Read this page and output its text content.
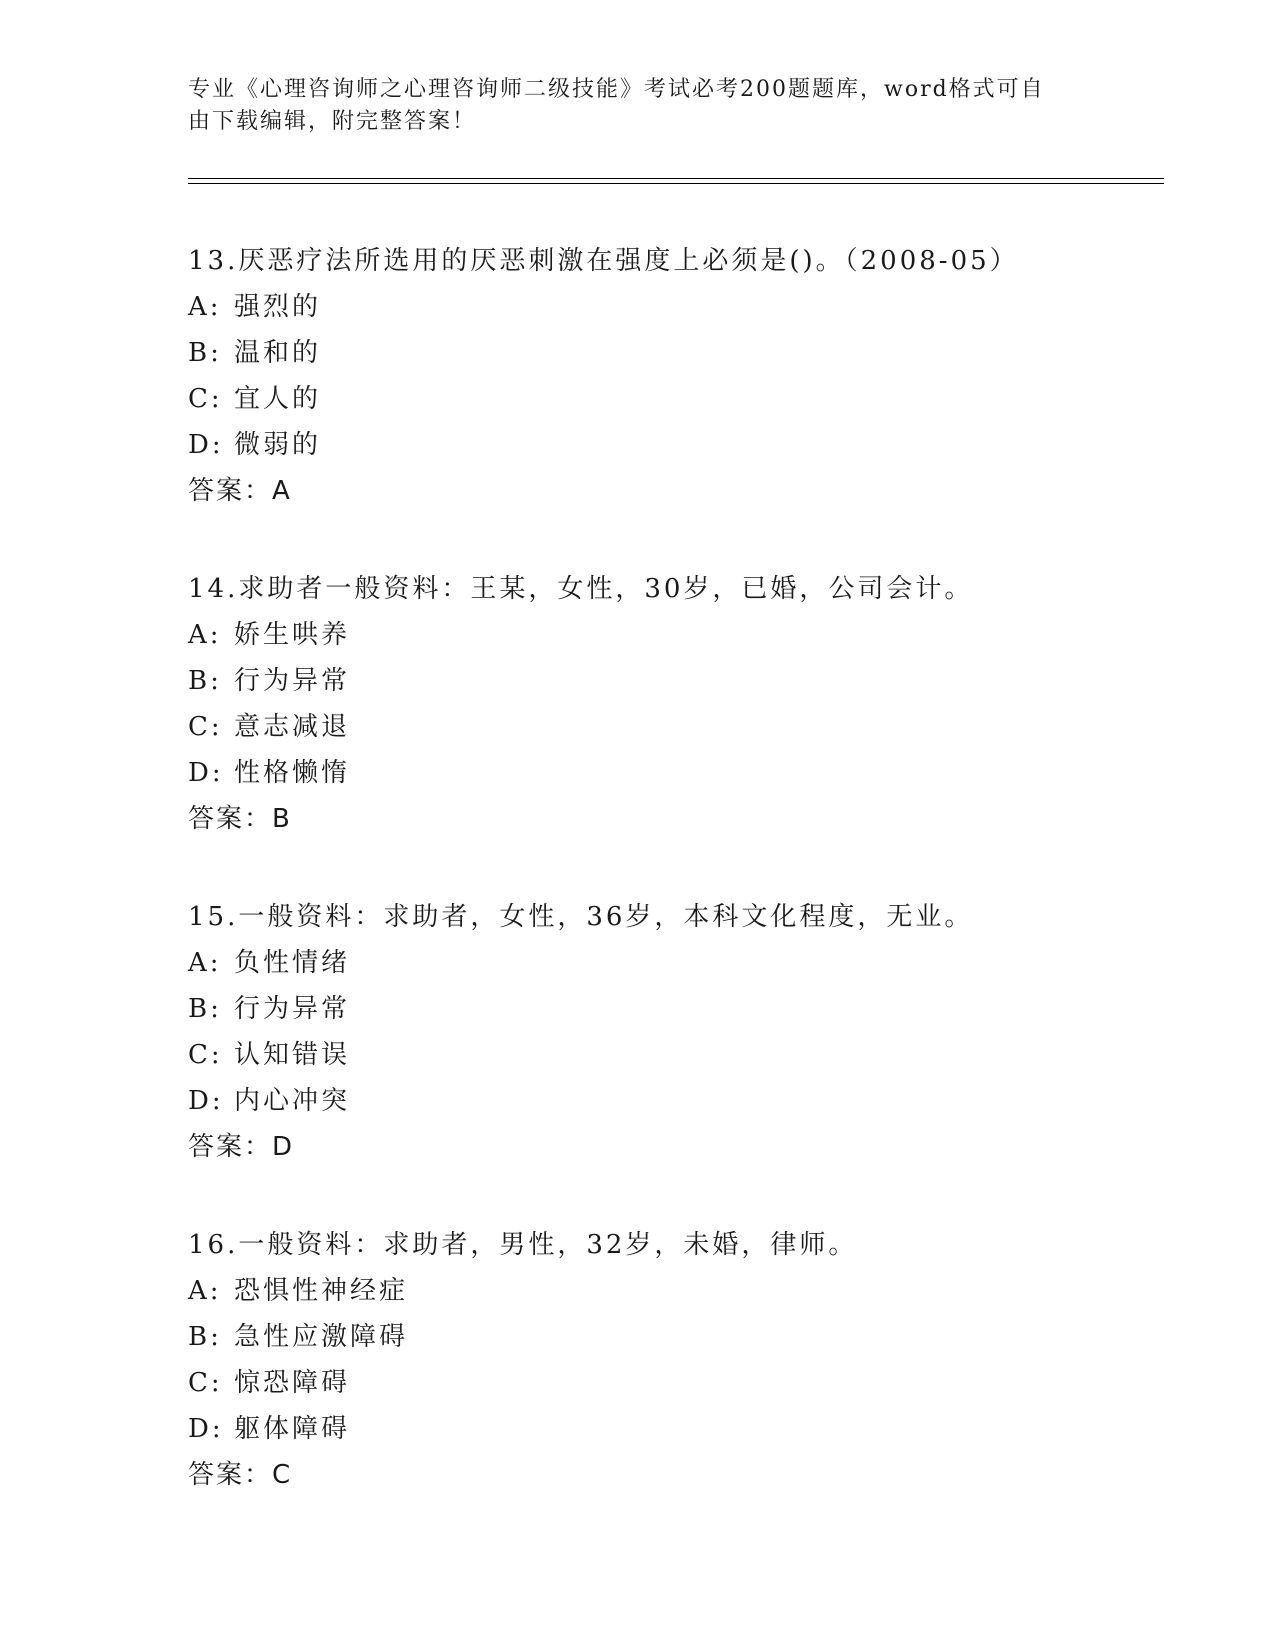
专业《心理咨询师之心理咨询师二级技能》考试必考200题题库，word格式可自
由下载编辑，附完整答案！
13.厌恶疗法所选用的厌恶刺激在强度上必须是()。（2008-05）
A: 强烈的
B: 温和的
C: 宜人的
D: 微弱的
答案：A
14.求助者一般资料：王某，女性，30岁，已婚，公司会计。
A: 娇生哄养
B: 行为异常
C: 意志减退
D: 性格懒惰
答案：B
15.一般资料：求助者，女性，36岁，本科文化程度，无业。
A: 负性情绪
B: 行为异常
C: 认知错误
D: 内心冲突
答案：D
16.一般资料：求助者，男性，32岁，未婚，律师。
A: 恐惧性神经症
B: 急性应激障碍
C: 惊恐障碍
D: 躯体障碍
答案：C
